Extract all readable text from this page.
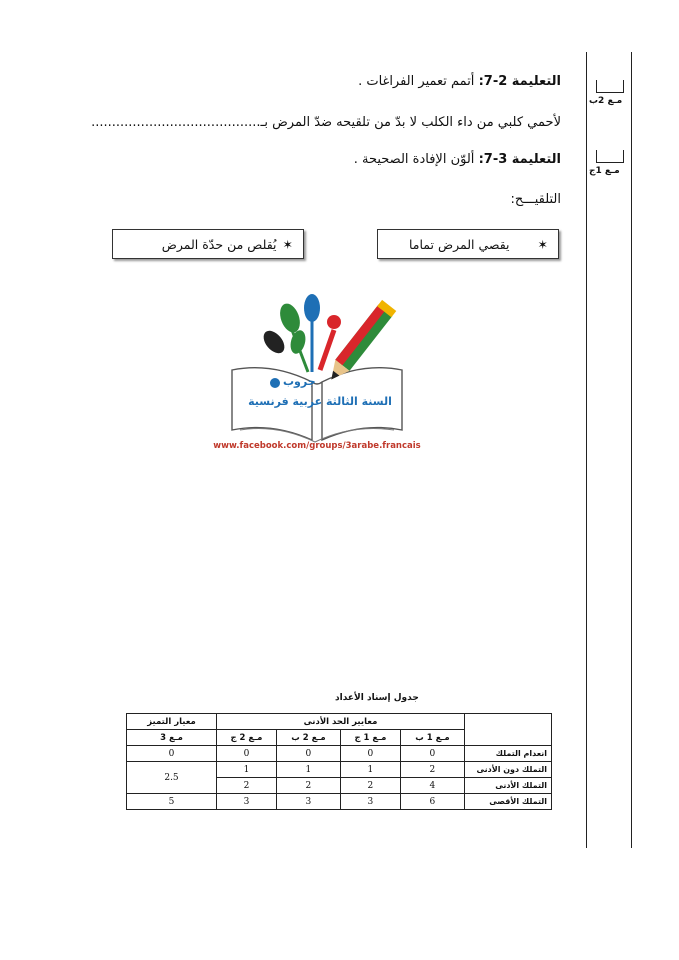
مـع 2ب
مـع 1ج
التعليمة 2-7: أتمم تعمير الفراغات .
لأحمي كلبي من داء الكلب لا بدّ من تلقيحه ضدّ المرض بـ.........................................
التعليمة 3-7: ألوّن الإفادة الصحيحة .
التلقيـــح:
✶
يقصي المرض تماما
✶
يُقلص من حدّة المرض
جروب
السنة الثالثة عربية فرنسية
www.facebook.com/groups/3arabe.francais
جدول إسناد الأعداد
	معايير الحد الأدنى				معيار التميز
	مـع 1 ب	مـع 1 ج	مـع 2 ب	مـع 2 ج	مـع 3
انعدام التملك	0	0	0	0	0
التملك دون الأدنى	2	1	1	1	2.5
التملك الأدنى	4	2	2	2	
التملك الأقصى	6	3	3	3	5
